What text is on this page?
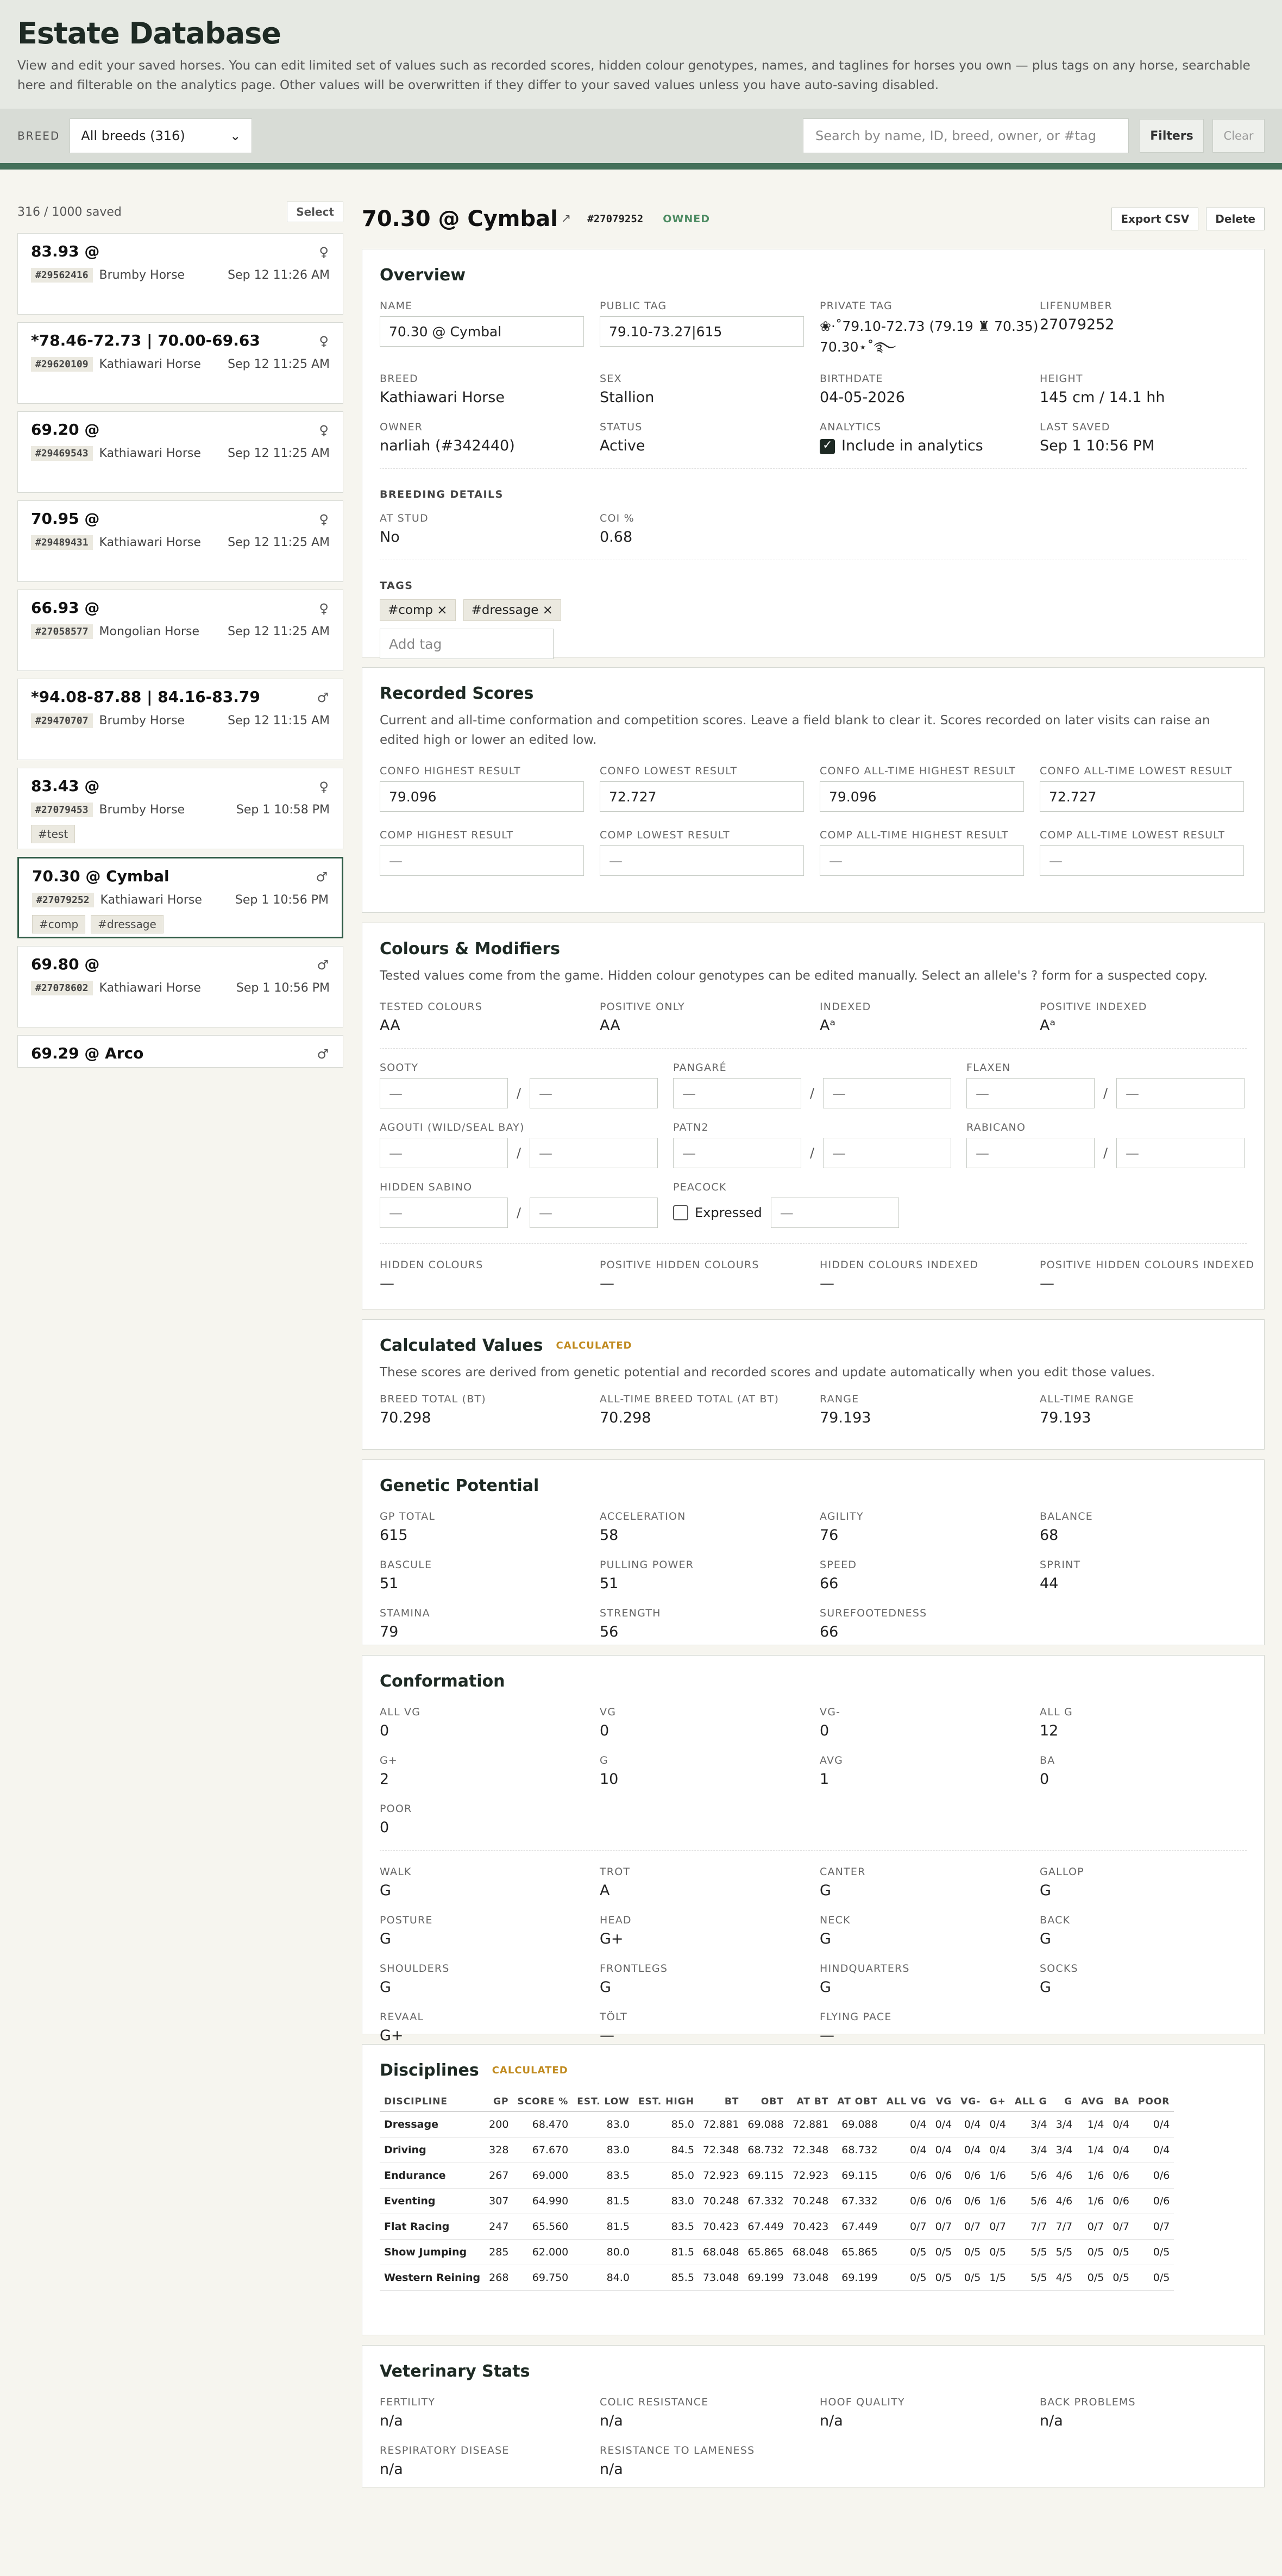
Estate Database

View and edit your saved horses. You can edit limited set of values such as recorded scores, hidden colour genotypes, names, and taglines for horses you own — plus tags on any horse, searchable here and filterable on the analytics page. Other values will be overwritten if they differ to your saved values unless you have auto-saving disabled.

BREED All breeds (316)	⌄	Search by name, ID, breed, owner, or #tag	Filters	Clear
316 / 1000 saved	Select
83.93 @	♀
#29562416 Brumby Horse	Sep 12 11:26 AM
*78.46-72.73 | 70.00-69.63	♀
#29620109 Kathiawari Horse Sep 12 11:25 AM
69.20 @	♀
#29469543 Kathiawari Horse Sep 12 11:25 AM
70.95 @	♀
#29489431 Kathiawari Horse Sep 12 11:25 AM
66.93 @	♀
#27058577 Mongolian Horse Sep 12 11:25 AM
*94.08-87.88 | 84.16-83.79	♂
#29470707 Brumby Horse	Sep 12 11:15 AM
83.43 @	♀
#27079453 Brumby Horse	Sep 1 10:58 PM
#test
70.30 @ Cymbal	♂
#27079252 Kathiawari Horse	Sep 1 10:56 PM
#comp	#dressage
69.80 @	♂
#27078602 Kathiawari Horse	Sep 1 10:56 PM
69.29 @ Arco	♂
70.30 @ Cymbal ↗ #27079252 OWNED	Export CSV	Delete
Overview
NAME
70.30 @ Cymbal
PUBLIC TAG
79.10-73.27|615
PRIVATE TAG
❀·˚79.10-72.73 (79.19 ♜ 70.35) 70.30⋆˚࿐
LIFENUMBER
27079252
BREED
Kathiawari Horse
SEX
Stallion
BIRTHDATE
04-05-2026
HEIGHT
145 cm / 14.1 hh
OWNER
narliah (#342440)
STATUS
Active
ANALYTICS
✓Include in analytics
LAST SAVED
Sep 1 10:56 PM
BREEDING DETAILS
AT STUD
No
COI %
0.68
TAGS
#comp ×	#dressage ×
Add tag
Recorded Scores
Current and all-time conformation and competition scores. Leave a field blank to clear it. Scores recorded on later visits can raise an edited high or lower an edited low.
CONFO HIGHEST RESULT
79.096
CONFO LOWEST RESULT
72.727
CONFO ALL-TIME HIGHEST RESULT
79.096
CONFO ALL-TIME LOWEST RESULT
72.727
COMP HIGHEST RESULT
—
COMP LOWEST RESULT
—
COMP ALL-TIME HIGHEST RESULT
—
COMP ALL-TIME LOWEST RESULT
—
Colours & Modifiers
Tested values come from the game. Hidden colour genotypes can be edited manually. Select an allele's ? form for a suspected copy.
TESTED COLOURS
AA
POSITIVE ONLY
AA
INDEXED
Aᵃ
POSITIVE INDEXED
Aᵃ
SOOTY
—	/	—
PANGARÉ
—	/	—
FLAXEN
—	/	—
AGOUTI (WILD/SEAL BAY)
—	/	—
PATN2
—	/	—
RABICANO
—	/	—
HIDDEN SABINO
—	/	—
PEACOCK
Expressed	—
HIDDEN COLOURS
—
POSITIVE HIDDEN COLOURS
—
HIDDEN COLOURS INDEXED
—
POSITIVE HIDDEN COLOURS INDEXED
—
Calculated Values CALCULATED
These scores are derived from genetic potential and recorded scores and update automatically when you edit those values.
BREED TOTAL (BT)
70.298
ALL-TIME BREED TOTAL (AT BT)
70.298
RANGE
79.193
ALL-TIME RANGE
79.193
Genetic Potential
GP TOTAL
615
ACCELERATION
58
AGILITY
76
BALANCE
68
BASCULE
51
PULLING POWER
51
SPEED
66
SPRINT
44
STAMINA
79
STRENGTH
56
SUREFOOTEDNESS
66
Conformation
ALL VG
0
VG
0
VG-
0
ALL G
12
G+
2
G
10
AVG
1
BA
0
POOR
0
WALK
G
TROT
A
CANTER
G
GALLOP
G
POSTURE
G
HEAD
G+
NECK
G
BACK
G
SHOULDERS
G
FRONTLEGS
G
HINDQUARTERS
G
SOCKS
G
REVAAL
G+
TÖLT
—
FLYING PACE
—
Disciplines CALCULATED
DISCIPLINE	GP	SCORE %	EST. LOW	EST. HIGH	BT	OBT	AT BT	AT OBT	ALL VG	VG	VG-	G+	ALL G	G	AVG	BA	POOR
Dressage	200	68.470	83.0	85.0	72.881	69.088	72.881	69.088	0/4	0/4	0/4	0/4	3/4	3/4	1/4	0/4	0/4
Driving	328	67.670	83.0	84.5	72.348	68.732	72.348	68.732	0/4	0/4	0/4	0/4	3/4	3/4	1/4	0/4	0/4
Endurance	267	69.000	83.5	85.0	72.923	69.115	72.923	69.115	0/6	0/6	0/6	1/6	5/6	4/6	1/6	0/6	0/6
Eventing	307	64.990	81.5	83.0	70.248	67.332	70.248	67.332	0/6	0/6	0/6	1/6	5/6	4/6	1/6	0/6	0/6
Flat Racing	247	65.560	81.5	83.5	70.423	67.449	70.423	67.449	0/7	0/7	0/7	0/7	7/7	7/7	0/7	0/7	0/7
Show Jumping	285	62.000	80.0	81.5	68.048	65.865	68.048	65.865	0/5	0/5	0/5	0/5	5/5	5/5	0/5	0/5	0/5
Western Reining	268	69.750	84.0	85.5	73.048	69.199	73.048	69.199	0/5	0/5	0/5	1/5	5/5	4/5	0/5	0/5	0/5
Veterinary Stats
FERTILITY
n/a
COLIC RESISTANCE
n/a
HOOF QUALITY
n/a
BACK PROBLEMS
n/a
RESPIRATORY DISEASE
n/a
RESISTANCE TO LAMENESS
n/a
